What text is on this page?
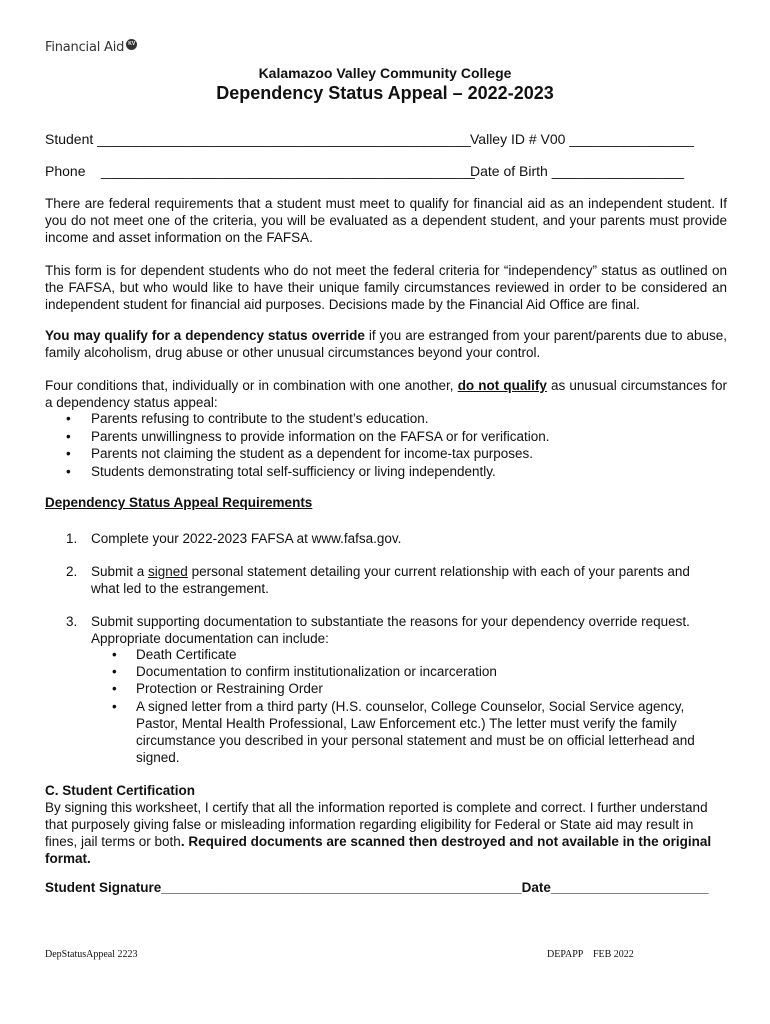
Financial Aid KV
Kalamazoo Valley Community College
Dependency Status Appeal – 2022-2023
Student ________________________________________________ Valley ID # V00 ________________
Phone    ________________________________________________
Date of Birth _________________
There are federal requirements that a student must meet to qualify for financial aid as an independent student. If you do not meet one of the criteria, you will be evaluated as a dependent student, and your parents must provide income and asset information on the FAFSA.
This form is for dependent students who do not meet the federal criteria for “independency” status as outlined on the FAFSA, but who would like to have their unique family circumstances reviewed in order to be considered an independent student for financial aid purposes. Decisions made by the Financial Aid Office are final.
You may qualify for a dependency status override if you are estranged from your parent/parents due to abuse, family alcoholism, drug abuse or other unusual circumstances beyond your control.
Four conditions that, individually or in combination with one another, do not qualify as unusual circumstances for a dependency status appeal:
• Parents refusing to contribute to the student’s education.
• Parents unwillingness to provide information on the FAFSA or for verification.
• Parents not claiming the student as a dependent for income-tax purposes.
• Students demonstrating total self-sufficiency or living independently.
Dependency Status Appeal Requirements
1. Complete your 2022-2023 FAFSA at www.fafsa.gov.
2. Submit a signed personal statement detailing your current relationship with each of your parents and what led to the estrangement.
3. Submit supporting documentation to substantiate the reasons for your dependency override request. Appropriate documentation can include:
• Death Certificate
• Documentation to confirm institutionalization or incarceration
• Protection or Restraining Order
• A signed letter from a third party (H.S. counselor, College Counselor, Social Service agency, Pastor, Mental Health Professional, Law Enforcement etc.) The letter must verify the family circumstance you described in your personal statement and must be on official letterhead and signed.
C. Student Certification
By signing this worksheet, I certify that all the information reported is complete and correct. I further understand that purposely giving false or misleading information regarding eligibility for Federal or State aid may result in fines, jail terms or both. Required documents are scanned then destroyed and not available in the original format.
Student Signature________________________________________________Date_____________________
DepStatusAppeal 2223	DEPAPP    FEB 2022
